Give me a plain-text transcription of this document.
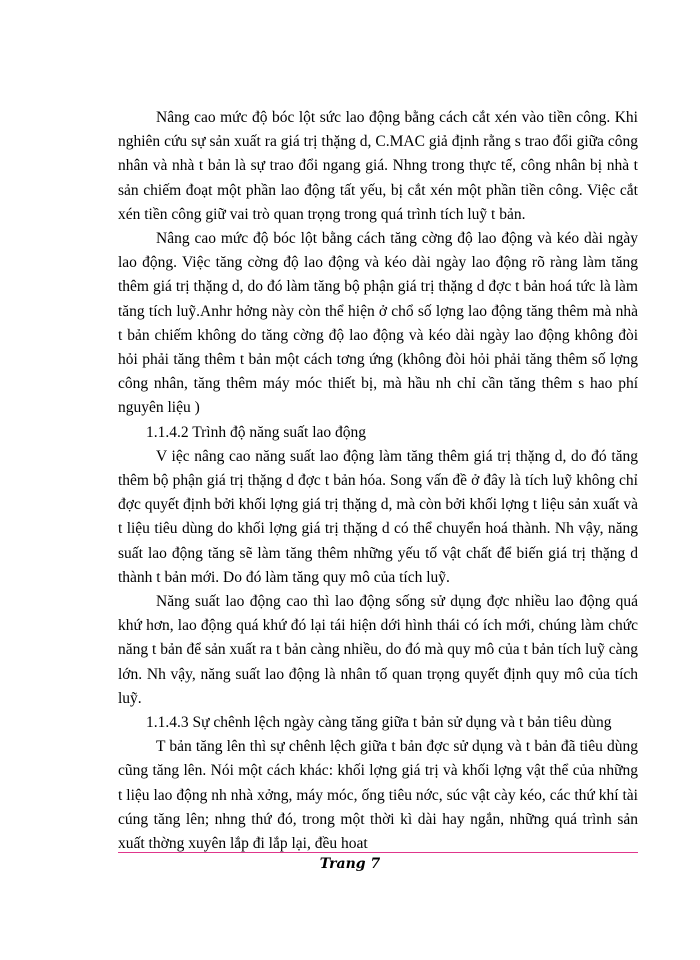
Nâng cao mức độ bóc lột sức lao động bằng cách cắt xén vào tiền công. Khi nghiên cứu sự sản xuất ra giá trị thặng d, C.MAC giả định rằng s trao đổi giữa công nhân và nhà t bản là sự trao đổi ngang giá. Nhng trong thực tế, công nhân bị nhà t sản chiếm đoạt một phần lao động tất yếu, bị cắt xén một phần tiền công. Việc cắt xén tiền công giữ vai trò quan trọng trong quá trình tích luỹ t bản.

Nâng cao mức độ bóc lột bằng cách tăng cờng độ lao động và kéo dài ngày lao động. Việc tăng cờng độ lao động và kéo dài ngày lao động rõ ràng làm tăng thêm giá trị thặng d, do đó làm tăng bộ phận giá trị thặng d đợc t bản hoá tức là làm tăng tích luỹ.Anhr hởng này còn thể hiện ở chổ số lợng lao động tăng thêm mà nhà t bản chiếm không do tăng cờng độ lao động và kéo dài ngày lao động không đòi hỏi phải tăng thêm t bản một cách tơng ứng (không đòi hỏi phải tăng thêm số lợng công nhân, tăng thêm máy móc thiết bị, mà hầu nh chỉ cần tăng thêm s hao phí nguyên liệu )

1.1.4.2 Trình độ năng suất lao động

V iệc nâng cao năng suất lao động làm tăng thêm giá trị thặng d, do đó tăng thêm bộ phận giá trị thặng d đợc t bản hóa. Song vấn đề ở đây là tích luỹ không chỉ đợc quyết định bởi khối lợng giá trị thặng d, mà còn bởi khối lợng t liệu sản xuất và t liệu tiêu dùng do khối lợng giá trị thặng d có thể chuyển hoá thành. Nh vậy, năng suất lao động tăng sẽ làm tăng thêm những yếu tố vật chất để biến giá trị thặng d thành t bản mới. Do đó làm tăng quy mô của tích luỹ.

Năng suất lao động cao thì lao động sống sử dụng đợc nhiều lao động quá khứ hơn, lao động quá khứ đó lại tái hiện dới hình thái có ích mới, chúng làm chức năng t bản để sản xuất ra t bản càng nhiều, do đó mà quy mô của t bản tích luỹ càng lớn. Nh vậy, năng suất lao động là nhân tố quan trọng quyết định quy mô của tích luỹ.

1.1.4.3 Sự chênh lệch ngày càng tăng giữa t bản sử dụng và t bản tiêu dùng

T bản tăng lên thì sự chênh lệch giữa t bản đợc sử dụng và t bản đã tiêu dùng cũng tăng lên. Nói một cách khác: khối lợng giá trị và khối lợng vật thể của những t liệu lao động nh nhà xởng, máy móc, ống tiêu nớc, súc vật cày kéo, các thứ khí tài cúng tăng lên; nhng thứ đó, trong một thời kì dài hay ngắn, những quá trình sản xuất thờng xuyên lắp đi lắp lại, đều hoat

Trang 7
